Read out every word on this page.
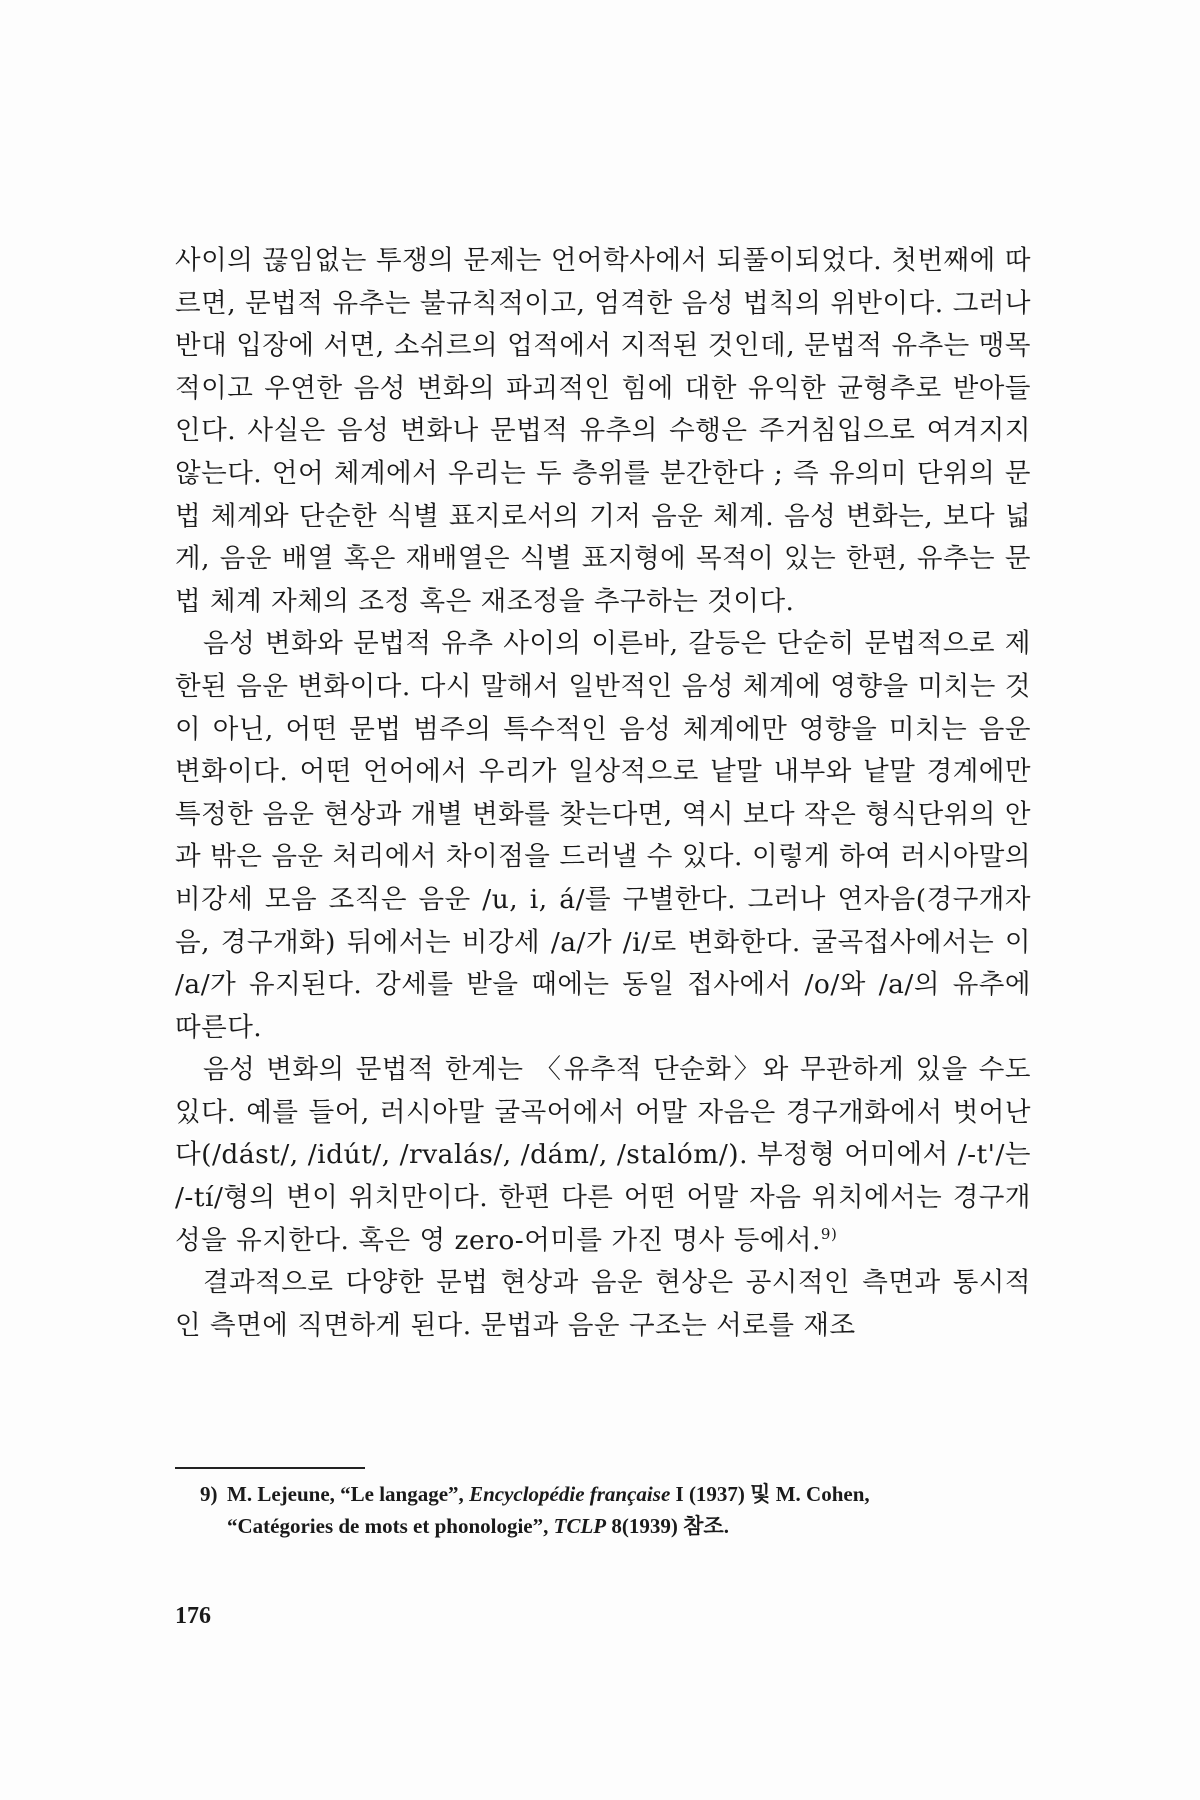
사이의 끊임없는 투쟁의 문제는 언어학사에서 되풀이되었다. 첫번째에 따르면, 문법적 유추는 불규칙적이고, 엄격한 음성 법칙의 위반이다. 그러나 반대 입장에 서면, 소쉬르의 업적에서 지적된 것인데, 문법적 유추는 맹목적이고 우연한 음성 변화의 파괴적인 힘에 대한 유익한 균형추로 받아들인다. 사실은 음성 변화나 문법적 유추의 수행은 주거침입으로 여겨지지 않는다. 언어 체계에서 우리는 두 층위를 분간한다 ; 즉 유의미 단위의 문법 체계와 단순한 식별 표지로서의 기저 음운 체계. 음성 변화는, 보다 넓게, 음운 배열 혹은 재배열은 식별 표지형에 목적이 있는 한편, 유추는 문법 체계 자체의 조정 혹은 재조정을 추구하는 것이다.

음성 변화와 문법적 유추 사이의 이른바, 갈등은 단순히 문법적으로 제한된 음운 변화이다. 다시 말해서 일반적인 음성 체계에 영향을 미치는 것이 아닌, 어떤 문법 범주의 특수적인 음성 체계에만 영향을 미치는 음운 변화이다. 어떤 언어에서 우리가 일상적으로 낱말 내부와 낱말 경계에만 특정한 음운 현상과 개별 변화를 찾는다면, 역시 보다 작은 형식단위의 안과 밖은 음운 처리에서 차이점을 드러낼 수 있다. 이렇게 하여 러시아말의 비강세 모음 조직은 음운 /u, i, á/를 구별한다. 그러나 연자음(경구개자음, 경구개화) 뒤에서는 비강세 /a/가 /i/로 변화한다. 굴곡접사에서는 이 /a/가 유지된다. 강세를 받을 때에는 동일 접사에서 /o/와 /a/의 유추에 따른다.

음성 변화의 문법적 한계는 〈유추적 단순화〉와 무관하게 있을 수도 있다. 예를 들어, 러시아말 굴곡어에서 어말 자음은 경구개화에서 벗어난다(/dást/, /idút/, /rvalás/, /dám/, /stalóm/). 부정형 어미에서 /-t'/는 /-tí/형의 변이 위치만이다. 한편 다른 어떤 어말 자음 위치에서는 경구개성을 유지한다. 혹은 영 zero-어미를 가진 명사 등에서.$^{9)}$

결과적으로 다양한 문법 현상과 음운 현상은 공시적인 측면과 통시적인 측면에 직면하게 된다. 문법과 음운 구조는 서로를 재조

9) M. Lejeune, “Le langage”, Encyclopédie française I (1937) 및 M. Cohen,
“Catégories de mots et phonologie”, TCLP 8(1939) 참조.
176
